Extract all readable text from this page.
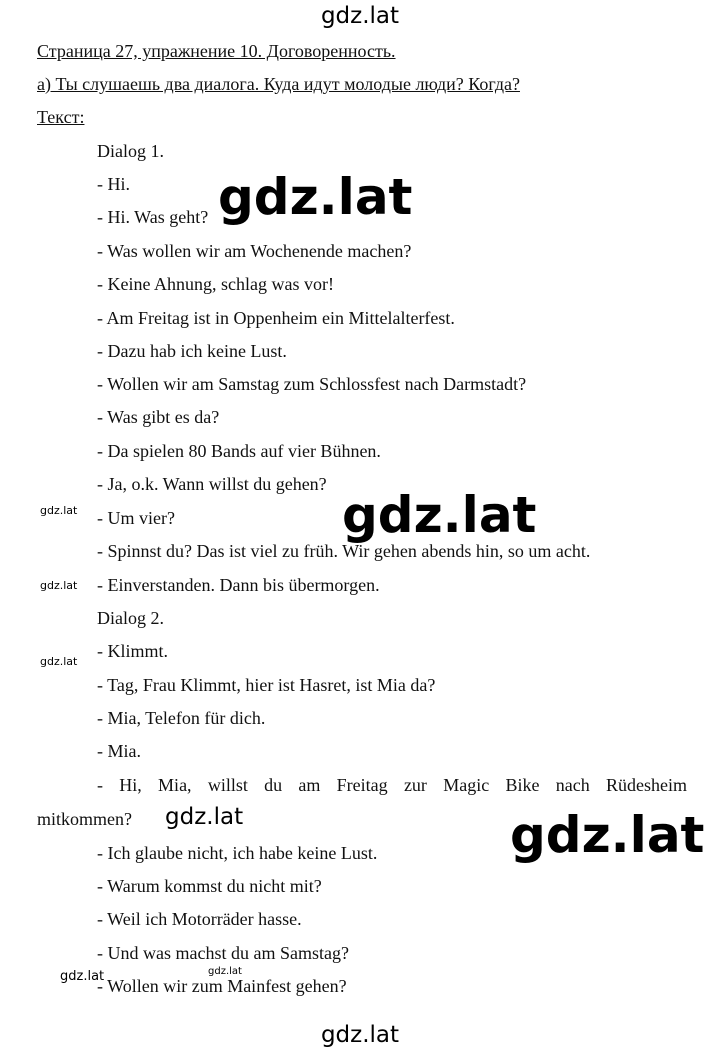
gdz.lat
gdz.lat
Страница 27, упражнение 10. Договоренность.
а) Ты слушаешь два диалога. Куда идут молодые люди? Когда?
Текст:
Dialog 1.
- Hi.
- Hi. Was geht?
- Was wollen wir am Wochenende machen?
- Keine Ahnung, schlag was vor!
- Am Freitag ist in Oppenheim ein Mittelalterfest.
- Dazu hab ich keine Lust.
- Wollen wir am Samstag zum Schlossfest nach Darmstadt?
- Was gibt es da?
- Da spielen 80 Bands auf vier Bühnen.
- Ja, o.k. Wann willst du gehen?
- Um vier?
- Spinnst du? Das ist viel zu früh. Wir gehen abends hin, so um acht.
- Einverstanden. Dann bis übermorgen.
Dialog 2.
- Klimmt.
- Tag, Frau Klimmt, hier ist Hasret, ist Mia da?
- Mia, Telefon für dich.
- Mia.
- Hi, Mia, willst du am Freitag zur Magic Bike nach Rüdesheim
mitkommen?
- Ich glaube nicht, ich habe keine Lust.
- Warum kommst du nicht mit?
- Weil ich Motorräder hasse.
- Und was machst du am Samstag?
- Wollen wir zum Mainfest gehen?
gdz.lat
gdz.lat
gdz.lat
gdz.lat
gdz.lat
gdz.lat
gdz.lat
gdz.lat	gdz.lat
